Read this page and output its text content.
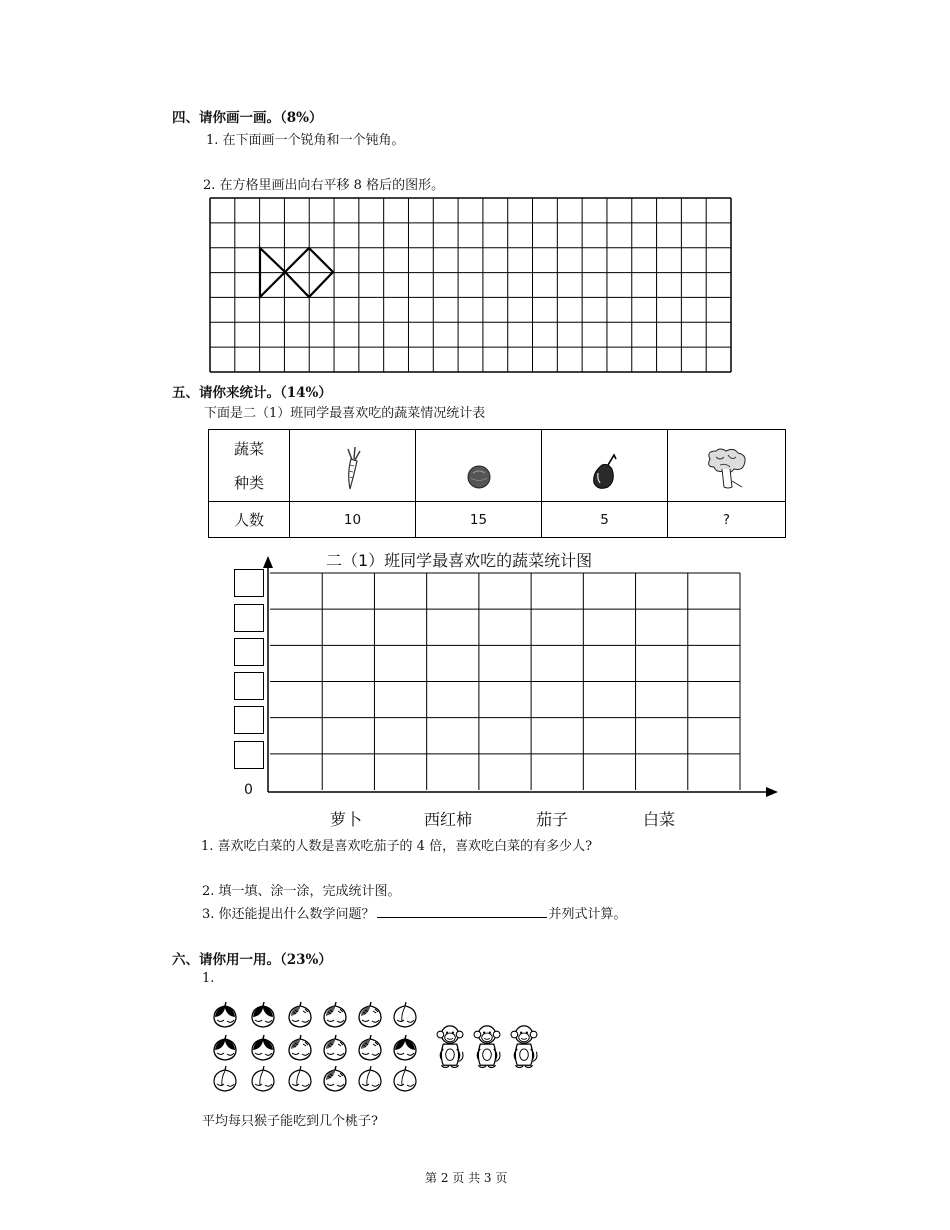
四、请你画一画。（8%）
1. 在下面画一个锐角和一个钝角。
2. 在方格里画出向右平移 8 格后的图形。
五、请你来统计。（14%）
下面是二（1）班同学最喜欢吃的蔬菜情况统计表
蔬菜
种类

人数	10	15	5	?
二（1）班同学最喜欢吃的蔬菜统计图
0
萝卜	西红柿	茄子	白菜
1. 喜欢吃白菜的人数是喜欢吃茄子的 4 倍，喜欢吃白菜的有多少人?
2. 填一填、涂一涂，完成统计图。
3. 你还能提出什么数学问题？	并列式计算。
六、请你用一用。（23%）
1.
平均每只猴子能吃到几个桃子?
第 2 页 共 3 页
